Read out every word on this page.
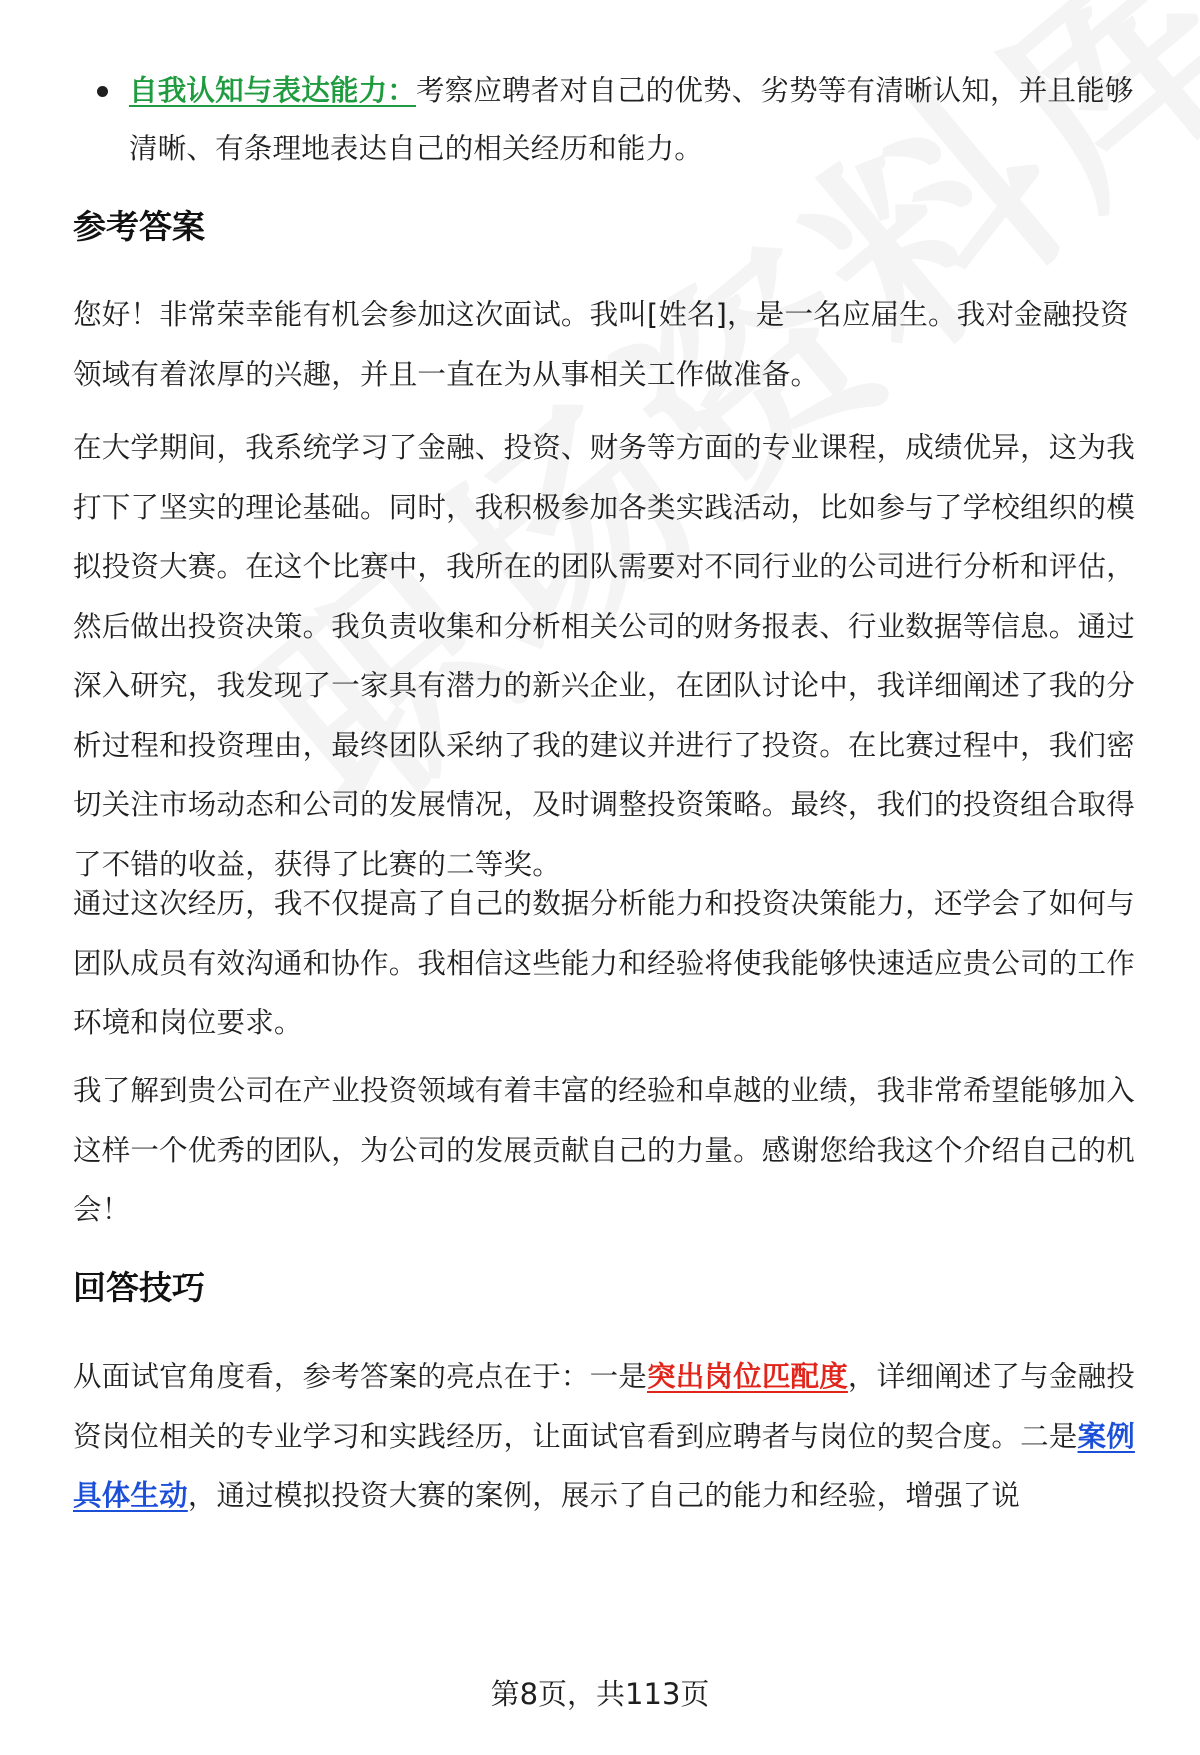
自我认知与表达能力：考察应聘者对自己的优势、劣势等有清晰认知，并且能够清晰、有条理地表达自己的相关经历和能力。
参考答案

您好！非常荣幸能有机会参加这次面试。我叫[姓名]，是一名应届生。我对金融投资领域有着浓厚的兴趣，并且一直在为从事相关工作做准备。

在大学期间，我系统学习了金融、投资、财务等方面的专业课程，成绩优异，这为我打下了坚实的理论基础。同时，我积极参加各类实践活动，比如参与了学校组织的模拟投资大赛。在这个比赛中，我所在的团队需要对不同行业的公司进行分析和评估，然后做出投资决策。我负责收集和分析相关公司的财务报表、行业数据等信息。通过深入研究，我发现了一家具有潜力的新兴企业，在团队讨论中，我详细阐述了我的分析过程和投资理由，最终团队采纳了我的建议并进行了投资。在比赛过程中，我们密切关注市场动态和公司的发展情况，及时调整投资策略。最终，我们的投资组合取得了不错的收益，获得了比赛的二等奖。

通过这次经历，我不仅提高了自己的数据分析能力和投资决策能力，还学会了如何与团队成员有效沟通和协作。我相信这些能力和经验将使我能够快速适应贵公司的工作环境和岗位要求。

我了解到贵公司在产业投资领域有着丰富的经验和卓越的业绩，我非常希望能够加入这样一个优秀的团队，为公司的发展贡献自己的力量。感谢您给我这个介绍自己的机会！

回答技巧

从面试官角度看，参考答案的亮点在于：一是突出岗位匹配度，详细阐述了与金融投资岗位相关的专业学习和实践经历，让面试官看到应聘者与岗位的契合度。二是案例具体生动，通过模拟投资大赛的案例，展示了自己的能力和经验，增强了说

第8页，共113页
